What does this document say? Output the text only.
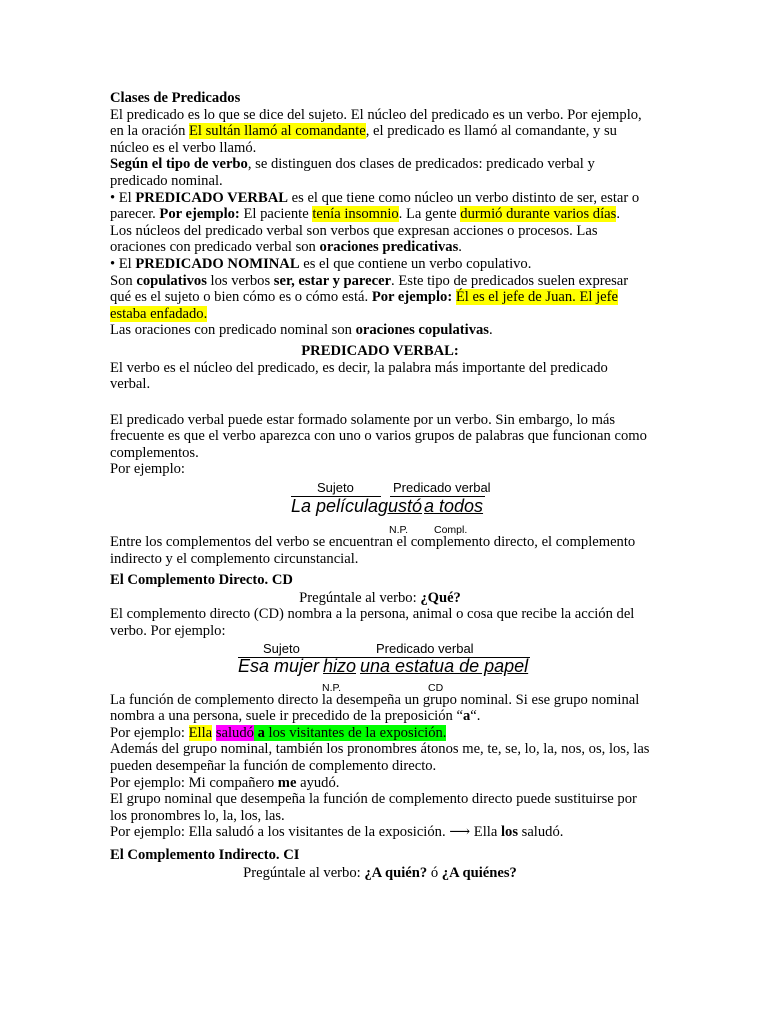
Clases de Predicados

El predicado es lo que se dice del sujeto. El núcleo del predicado es un verbo. Por ejemplo, en la oración El sultán llamó al comandante, el predicado es llamó al comandante, y su núcleo es el verbo llamó.

Según el tipo de verbo, se distinguen dos clases de predicados: predicado verbal y predicado nominal.

• El PREDICADO VERBAL es el que tiene como núcleo un verbo distinto de ser, estar o parecer. Por ejemplo: El paciente tenía insomnio. La gente durmió durante varios días.

Los núcleos del predicado verbal son verbos que expresan acciones o procesos. Las oraciones con predicado verbal son oraciones predicativas.

• El PREDICADO NOMINAL es el que contiene un verbo copulativo.

Son copulativos los verbos ser, estar y parecer. Este tipo de predicados suelen expresar qué es el sujeto o bien cómo es o cómo está. Por ejemplo: Él es el jefe de Juan. El jefe estaba enfadado.

Las oraciones con predicado nominal son oraciones copulativas.

PREDICADO VERBAL:

El verbo es el núcleo del predicado, es decir, la palabra más importante del predicado verbal.

El predicado verbal puede estar formado solamente por un verbo. Sin embargo, lo más frecuente es que el verbo aparezca con uno o varios grupos de palabras que funcionan como complementos.

Por ejemplo:

Sujeto	Predicado verbal
La película gustó a todos
N.P. Compl.

Entre los complementos del verbo se encuentran el complemento directo, el complemento indirecto y el complemento circunstancial.

El Complemento Directo. CD

Pregúntale al verbo: ¿Qué?

El complemento directo (CD) nombra a la persona, animal o cosa que recibe la acción del verbo. Por ejemplo:

Sujeto	Predicado verbal
Esa mujer hizo una estatua de papel
N.P.	CD

La función de complemento directo la desempeña un grupo nominal. Si ese grupo nominal nombra a una persona, suele ir precedido de la preposición “a“.

Por ejemplo: Ella saludó a los visitantes de la exposición.

Además del grupo nominal, también los pronombres átonos me, te, se, lo, la, nos, os, los, las pueden desempeñar la función de complemento directo.

Por ejemplo: Mi compañero me ayudó.

El grupo nominal que desempeña la función de complemento directo puede sustituirse por los pronombres lo, la, los, las.

Por ejemplo: Ella saludó a los visitantes de la exposición. ⟶ Ella los saludó.

El Complemento Indirecto. CI

Pregúntale al verbo: ¿A quién? ó ¿A quiénes?
